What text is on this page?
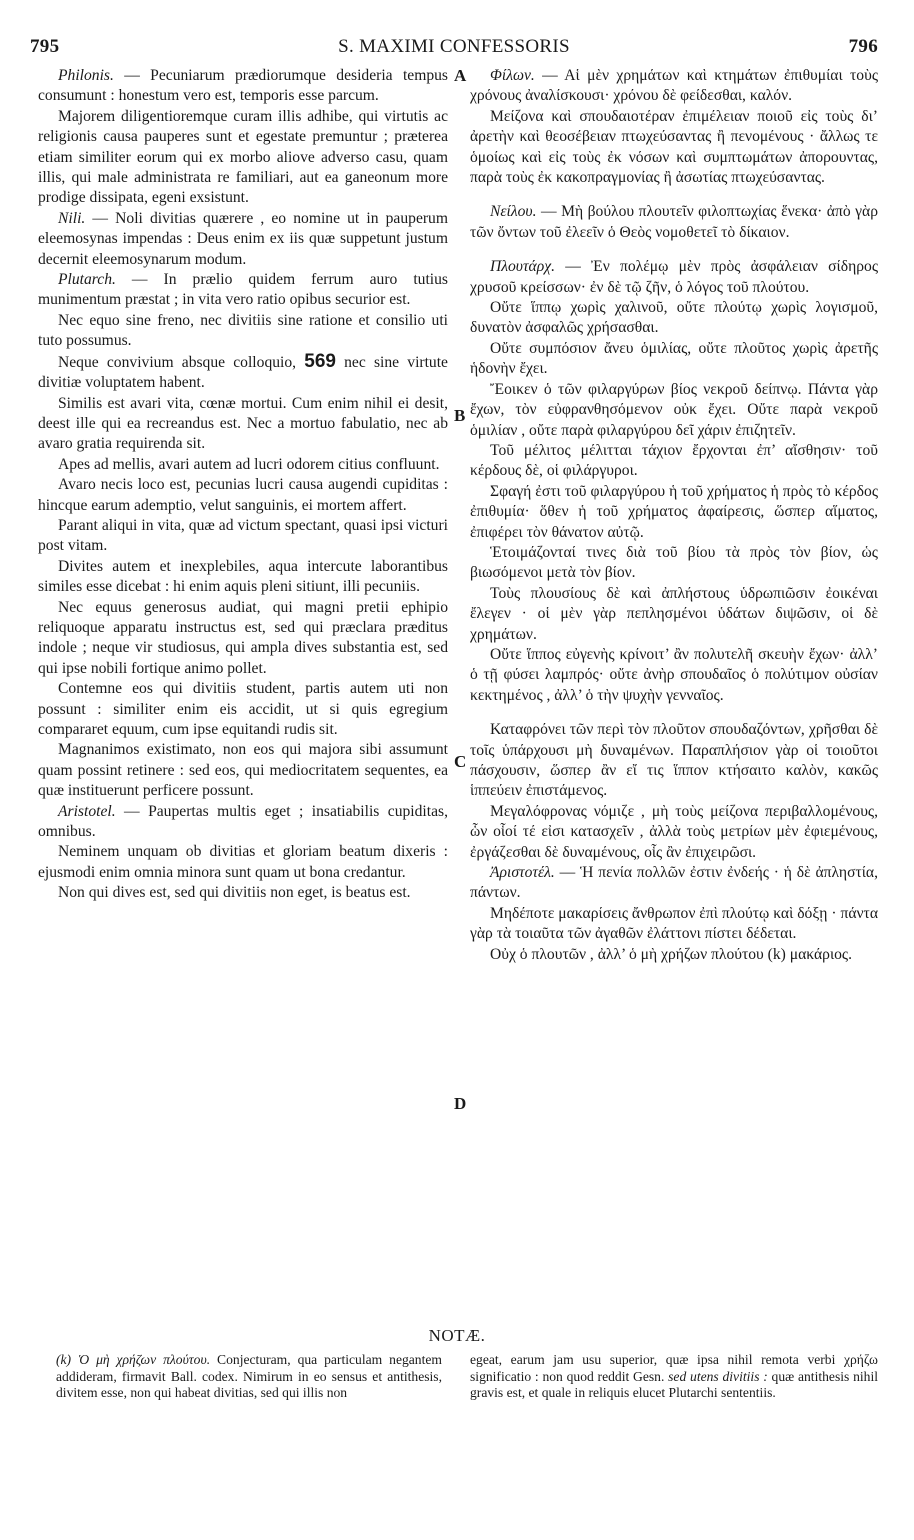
795	S. MAXIMI CONFESSORIS	796
A
B
C
D

Philonis. — Pecuniarum prædiorumque desideria tempus consumunt : honestum vero est, temporis esse parcum.

Majorem diligentioremque curam illis adhibe, qui virtutis ac religionis causa pauperes sunt et egestate premuntur ; præterea etiam similiter eorum qui ex morbo aliove adverso casu, quam illis, qui male administrata re familiari, aut ea ganeonum more prodige dissipata, egeni exsistunt.

Nili. — Noli divitias quærere , eo nomine ut in pauperum eleemosynas impendas : Deus enim ex iis quæ suppetunt justum decernit eleemosynarum modum.

Plutarch. — In prælio quidem ferrum auro tutius munimentum præstat ; in vita vero ratio opibus securior est.

Nec equo sine freno, nec divitiis sine ratione et consilio uti tuto possumus.

Neque convivium absque colloquio, 569 nec sine virtute divitiæ voluptatem habent.

Similis est avari vita, cœnæ mortui. Cum enim nihil ei desit, deest ille qui ea recreandus est. Nec a mortuo fabulatio, nec ab avaro gratia requirenda sit.

Apes ad mellis, avari autem ad lucri odorem citius confluunt.

Avaro necis loco est, pecunias lucri causa augendi cupiditas : hincque earum ademptio, velut sanguinis, ei mortem affert.

Parant aliqui in vita, quæ ad victum spectant, quasi ipsi victuri post vitam.

Divites autem et inexplebiles, aqua intercute laborantibus similes esse dicebat : hi enim aquis pleni sitiunt, illi pecuniis.

Nec equus generosus audiat, qui magni pretii ephipio reliquoque apparatu instructus est, sed qui præclara præditus indole ; neque vir studiosus, qui ampla dives substantia est, sed qui ipse nobili fortique animo pollet.

Contemne eos qui divitiis student, partis autem uti non possunt : similiter enim eis accidit, ut si quis egregium compararet equum, cum ipse equitandi rudis sit.

Magnanimos existimato, non eos qui majora sibi assumunt quam possint retinere : sed eos, qui mediocritatem sequentes, ea quæ instituerunt perficere possunt.

Aristotel. — Paupertas multis eget ; insatiabilis cupiditas, omnibus.

Neminem unquam ob divitias et gloriam beatum dixeris : ejusmodi enim omnia minora sunt quam ut bona credantur.

Non qui dives est, sed qui divitiis non eget, is beatus est.

Φίλων. — Αἱ μὲν χρημάτων καὶ κτημάτων ἐπιθυμίαι τοὺς χρόνους ἀναλίσκουσι· χρόνου δὲ φείδεσθαι, καλόν.

Μείζονα καὶ σπουδαιοτέραν ἐπιμέλειαν ποιοῦ εἰς τοὺς δι’ ἀρετὴν καὶ θεοσέβειαν πτωχεύσαντας ἢ πενομένους · ἄλλως τε ὁμοίως καὶ εἰς τοὺς ἐκ νόσων καὶ συμπτωμάτων ἀπορουντας, παρὰ τοὺς ἐκ κακοπραγμονίας ἢ ἀσωτίας πτωχεύσαντας.

Νείλου. — Μὴ βούλου πλουτεῖν φιλοπτωχίας ἕνεκα· ἀπὸ γὰρ τῶν ὄντων τοῦ ἐλεεῖν ὁ Θεὸς νομοθετεῖ τὸ δίκαιον.

Πλουτάρχ. — Ἐν πολέμῳ μὲν πρὸς ἀσφάλειαν σίδηρος χρυσοῦ κρείσσων· ἐν δὲ τῷ ζῆν, ὁ λόγος τοῦ πλούτου.

Οὔτε ἵππῳ χωρὶς χαλινοῦ, οὔτε πλούτῳ χωρὶς λογισμοῦ, δυνατὸν ἀσφαλῶς χρήσασθαι.

Οὔτε συμπόσιον ἄνευ ὁμιλίας, οὔτε πλοῦτος χωρὶς ἀρετῆς ἡδονὴν ἔχει.

Ἔοικεν ὁ τῶν φιλαργύρων βίος νεκροῦ δείπνῳ. Πάντα γὰρ ἔχων, τὸν εὐφρανθησόμενον οὐκ ἔχει. Οὔτε παρὰ νεκροῦ ὁμιλίαν , οὔτε παρὰ φιλαργύρου δεῖ χάριν ἐπιζητεῖν.

Τοῦ μέλιτος μέλιτται τάχιον ἔρχονται ἐπ’ αἴσθησιν· τοῦ κέρδους δὲ, οἱ φιλάργυροι.

Σφαγή ἐστι τοῦ φιλαργύρου ἡ τοῦ χρήματος ἡ πρὸς τὸ κέρδος ἐπιθυμία· ὅθεν ἡ τοῦ χρήματος ἀφαίρεσις, ὥσπερ αἵματος, ἐπιφέρει τὸν θάνατον αὐτῷ.

Ἑτοιμάζονταί τινες διὰ τοῦ βίου τὰ πρὸς τὸν βίον, ὡς βιωσόμενοι μετὰ τὸν βίον.

Τοὺς πλουσίους δὲ καὶ ἀπλήστους ὑδρωπιῶσιν ἐοικέναι ἔλεγεν · οἱ μὲν γὰρ πεπλησμένοι ὑδάτων διψῶσιν, οἱ δὲ χρημάτων.

Οὔτε ἵππος εὐγενὴς κρίνοιτ’ ἂν πολυτελῆ σκευὴν ἔχων· ἀλλ’ ὁ τῇ φύσει λαμπρός· οὔτε ἀνὴρ σπουδαῖος ὁ πολύτιμον οὐσίαν κεκτημένος , ἀλλ’ ὁ τὴν ψυχὴν γενναῖος.

Καταφρόνει τῶν περὶ τὸν πλοῦτον σπουδαζόντων, χρῆσθαι δὲ τοῖς ὑπάρχουσι μὴ δυναμένων. Παραπλήσιον γὰρ οἱ τοιοῦτοι πάσχουσιν, ὥσπερ ἂν εἴ τις ἵππον κτήσαιτο καλὸν, κακῶς ἱππεύειν ἐπιστάμενος.

Μεγαλόφρονας νόμιζε , μὴ τοὺς μείζονα περιβαλλομένους, ὧν οἷοί τέ εἰσι κατασχεῖν , ἀλλὰ τοὺς μετρίων μὲν ἐφιεμένους, ἐργάζεσθαι δὲ δυναμένους, οἷς ἂν ἐπιχειρῶσι.

Ἀριστοτέλ. — Ἡ πενία πολλῶν ἐστιν ἐνδεής · ἡ δὲ ἀπληστία, πάντων.

Μηδέποτε μακαρίσεις ἄνθρωπον ἐπὶ πλούτῳ καὶ δόξῃ · πάντα γὰρ τὰ τοιαῦτα τῶν ἀγαθῶν ἐλάττονι πίστει δέδεται.

Οὐχ ὁ πλουτῶν , ἀλλ’ ὁ μὴ χρήζων πλούτου (k) μακάριος.

NOTÆ.

(k) Ὁ μὴ χρήζων πλούτου. Conjecturam, qua particulam negantem addideram, firmavit Ball. codex. Nimirum in eo sensus et antithesis, divitem esse, non qui habeat divitias, sed qui illis non

egeat, earum jam usu superior, quæ ipsa nihil remota verbi χρήζω significatio : non quod reddit Gesn. sed utens divitiis : quæ antithesis nihil gravis est, et quale in reliquis elucet Plutarchi sententiis.
